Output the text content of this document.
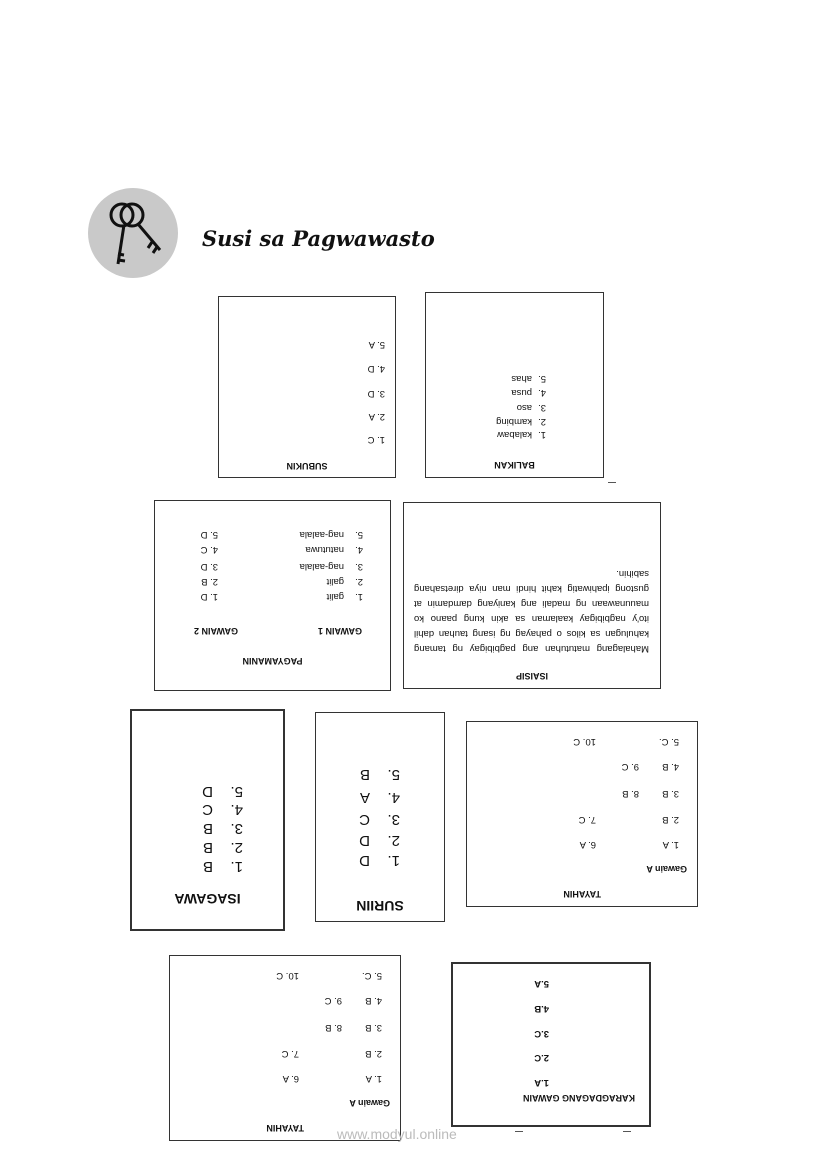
Susi sa Pagwawasto
SUBUKIN
1. C
2. A
3. D
4. D
5. A
BALIKAN
1.
kalabaw
2.
kambing
3.
aso
4.
pusa
5.
ahas
PAGYAMANIN
GAWAIN 1
GAWAIN 2
1.
galit
2.
galit
3.
nag-aalala
4.
natutuwa
5.
nag-aalala
1. D
2. B
3. D
4. C
5. D
ISAISIP
Mahalagang matutuhan ang pagbibigay ng tamang kahulugan sa kilos o pahayag ng isang tauhan dahil ito'y nagbibigay kaalaman sa akin kung paano ko mauunawaan ng madali ang kaniyang damdamin at gustong ipahiwatig kahit hindi man niya diretsahang sabihin.
ISAGAWA
1.
B
2.
B
3.
B
4.
C
5.
D
SURIIN
1.
D
2.
D
3.
C
4.
A
5.
B
TAYAHIN
Gawain A
1. A
6. A
2. B
7. C
3. B
8. B
4. B
9. C
5. C.
10. C
TAYAHIN
Gawain A
1. A
6. A
2. B
7. C
3. B
8. B
4. B
9. C
5. C.
10. C
KARAGDAGANG GAWAIN
1.A
2.C
3.C
4.B
5.A
www.modyul.online
